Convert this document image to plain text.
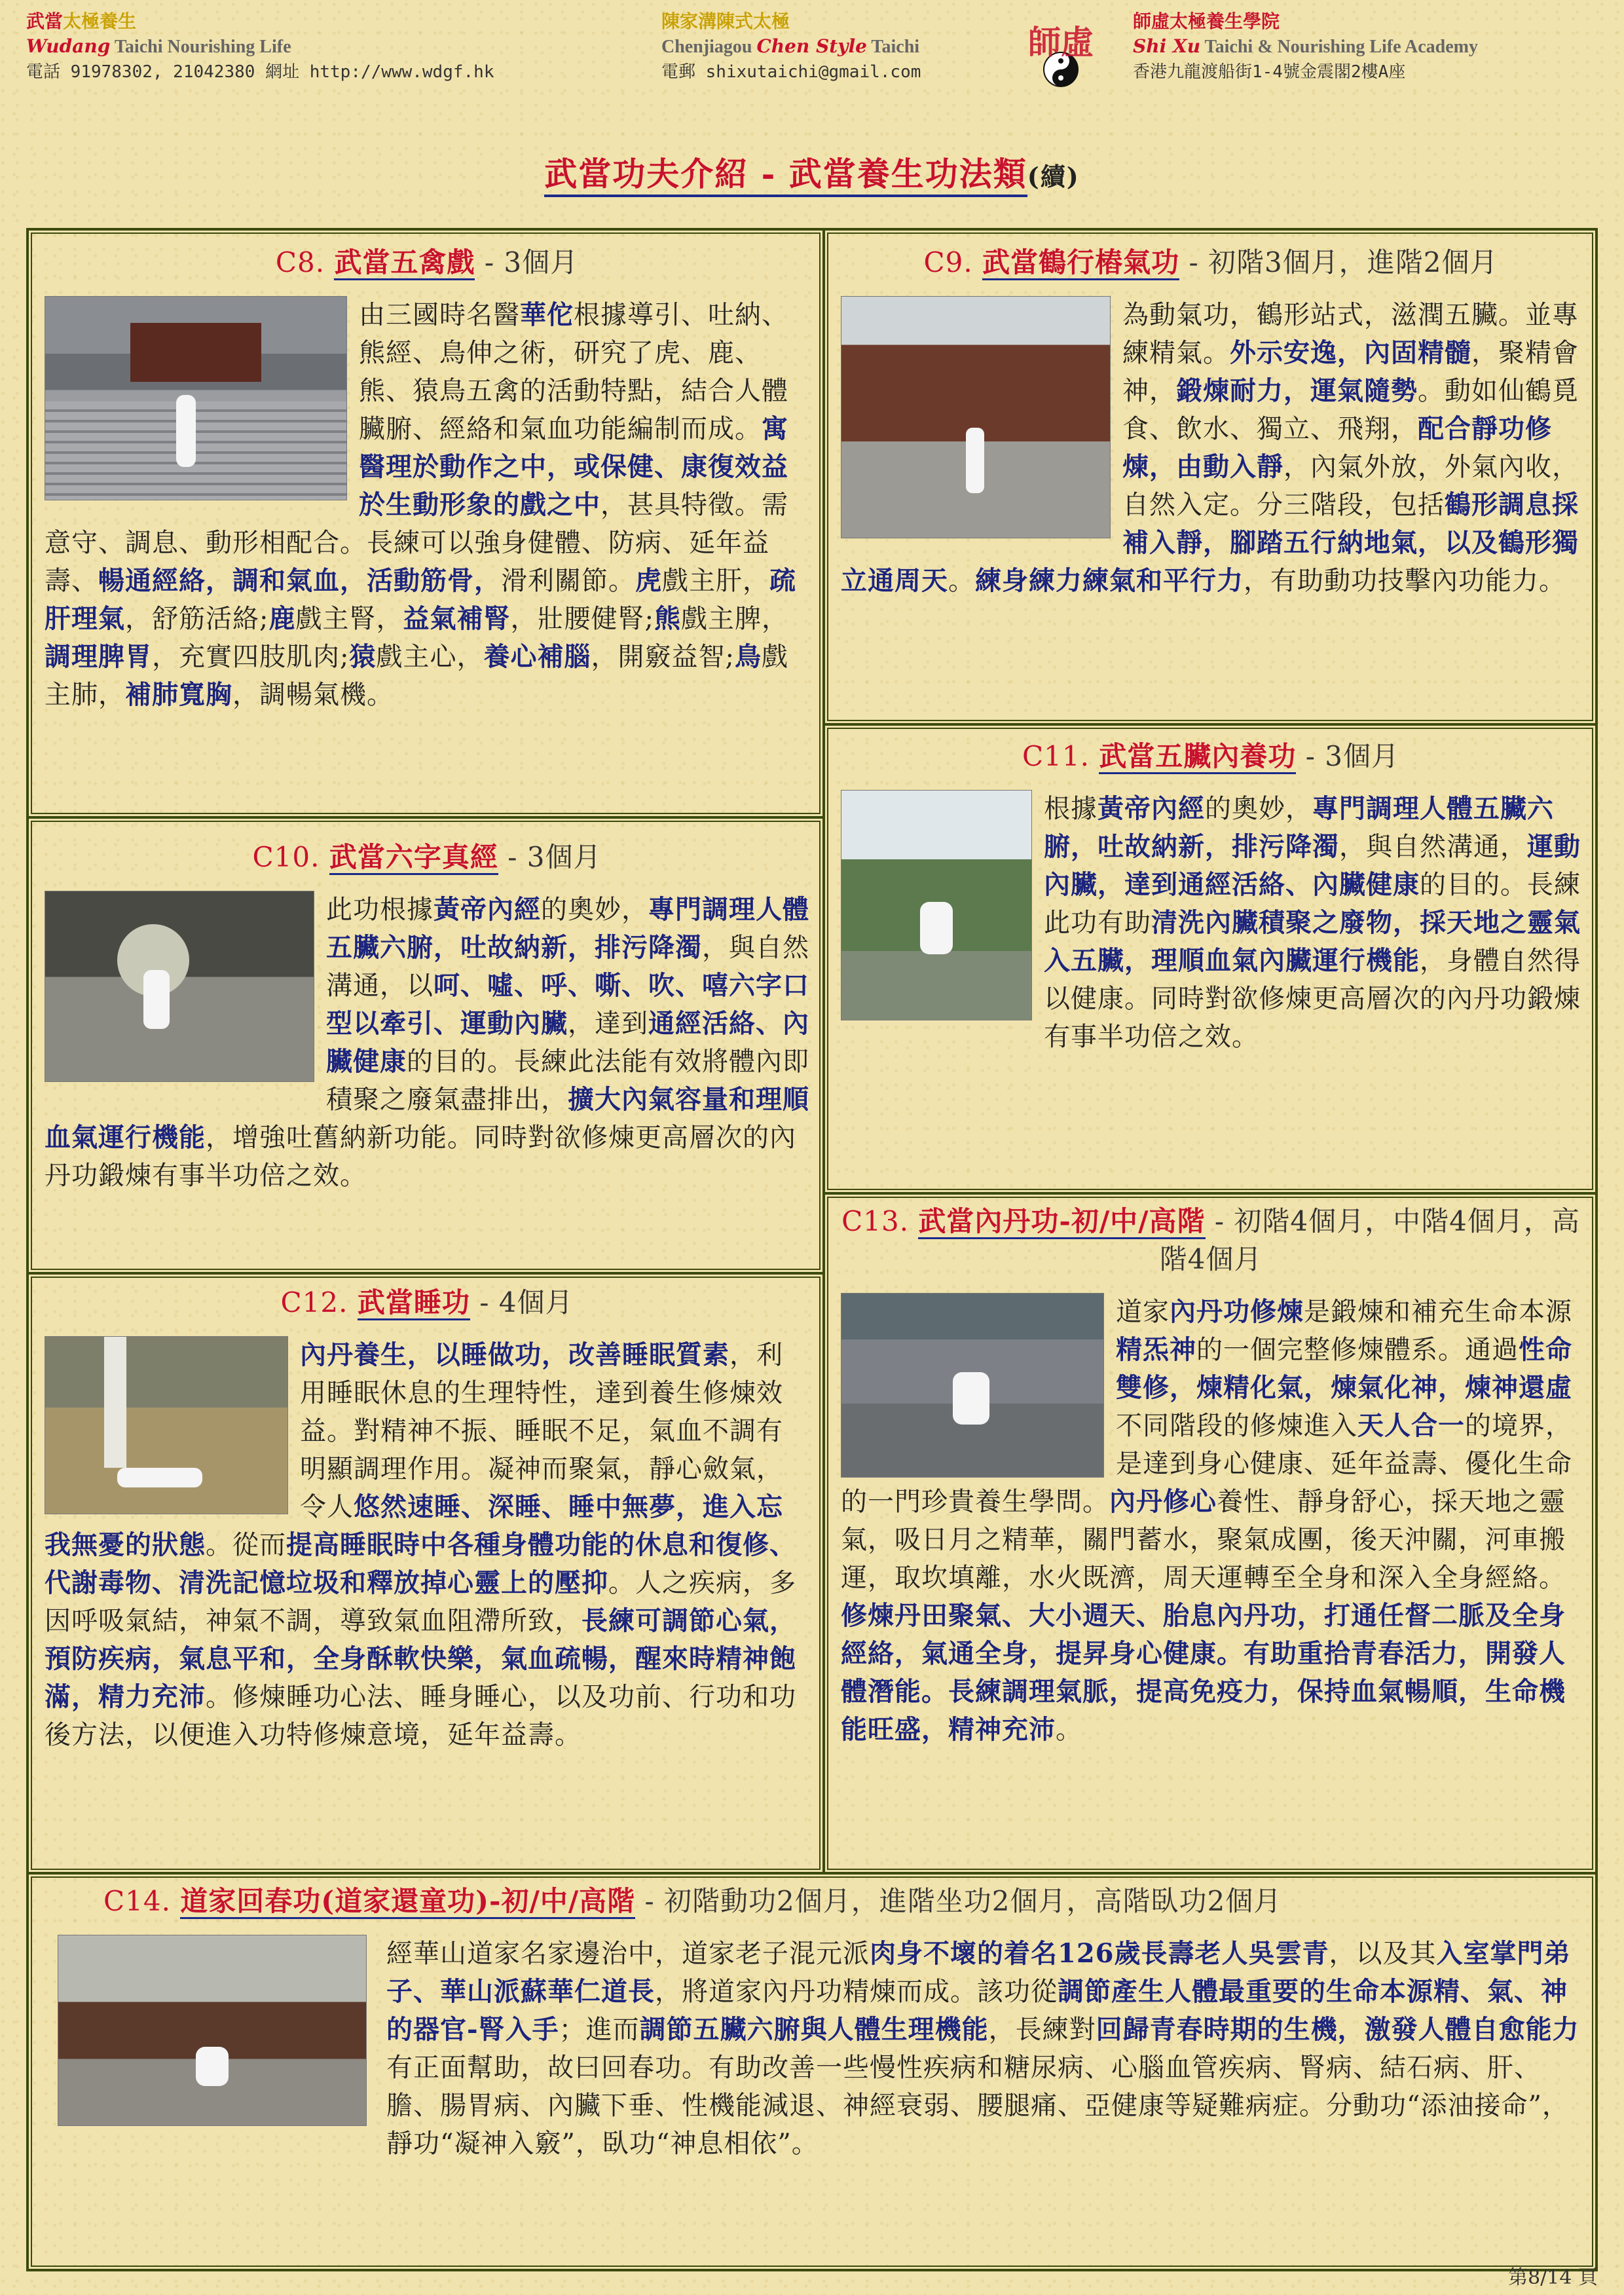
武當太極養生
Wudang Taichi Nourishing Life
電話 91978302, 21042380 網址 http://www.wdgf.hk
陳家溝陳式太極
Chenjiagou Chen Style Taichi
電郵 shixutaichi@gmail.com
師虛
師虛太極養生學院
Shi Xu Taichi & Nourishing Life Academy
香港九龍渡船街1-4號金震閣2樓A座
武當功夫介紹 - 武當養生功法類(續)
C8. 武當五禽戲 - 3個月
由三國時名醫華佗根據導引、吐納、熊經、鳥伸之術，研究了虎、鹿、熊、猿鳥五禽的活動特點，結合人體臟腑、經絡和氣血功能編制而成。寓醫理於動作之中，或保健、康復效益於生動形象的戲之中，甚具特徵。需意守、調息、動形相配合。長練可以強身健體、防病、延年益壽、暢通經絡，調和氣血，活動筋骨，滑利關節。虎戲主肝，疏肝理氣，舒筋活絡;鹿戲主腎，益氣補腎，壯腰健腎;熊戲主脾，調理脾胃，充實四肢肌肉;猿戲主心，養心補腦，開竅益智;鳥戲主肺，補肺寬胸，調暢氣機。
C9. 武當鶴行樁氣功 - 初階3個月，進階2個月
為動氣功，鶴形站式，滋潤五臟。並專練精氣。外示安逸，內固精髓，聚精會神，鍛煉耐力，運氣隨勢。動如仙鶴覓食、飲水、獨立、飛翔，配合靜功修煉，由動入靜，內氣外放，外氣內收，自然入定。分三階段，包括鶴形調息採補入靜，腳踏五行納地氣，以及鶴形獨立通周天。練身練力練氣和平行力，有助動功技擊內功能力。
C10. 武當六字真經 - 3個月
此功根據黃帝內經的奧妙，專門調理人體五臟六腑，吐故納新，排污降濁，與自然溝通，以呵、噓、呼、嘶、吹、嘻六字口型以牽引、運動內臟，達到通經活絡、內臟健康的目的。長練此法能有效將體內即積聚之廢氣盡排出，擴大內氣容量和理順血氣運行機能，增強吐舊納新功能。同時對欲修煉更高層次的內丹功鍛煉有事半功倍之效。
C11. 武當五臟內養功 - 3個月
根據黃帝內經的奧妙，專門調理人體五臟六腑，吐故納新，排污降濁，與自然溝通，運動內臟，達到通經活絡、內臟健康的目的。長練此功有助清洗內臟積聚之廢物，採天地之靈氣入五臟，理順血氣內臟運行機能，身體自然得以健康。同時對欲修煉更高層次的內丹功鍛煉有事半功倍之效。
C12. 武當睡功 - 4個月
內丹養生，以睡做功，改善睡眠質素，利用睡眠休息的生理特性，達到養生修煉效益。對精神不振、睡眠不足，氣血不調有明顯調理作用。凝神而聚氣，靜心斂氣，令人悠然速睡、深睡、睡中無夢，進入忘我無憂的狀態。從而提高睡眠時中各種身體功能的休息和復修、代謝毒物、清洗記憶垃圾和釋放掉心靈上的壓抑。人之疾病，多因呼吸氣結，神氣不調，導致氣血阻滯所致，長練可調節心氣，預防疾病，氣息平和，全身酥軟快樂，氣血疏暢，醒來時精神飽滿，精力充沛。修煉睡功心法、睡身睡心，以及功前、行功和功後方法，以便進入功特修煉意境，延年益壽。
C13. 武當內丹功-初/中/高階 - 初階4個月，中階4個月，高階4個月
道家內丹功修煉是鍛煉和補充生命本源精炁神的一個完整修煉體系。通過性命雙修，煉精化氣，煉氣化神，煉神還虛不同階段的修煉進入天人合一的境界，是達到身心健康、延年益壽、優化生命的一門珍貴養生學問。內丹修心養性、靜身舒心，採天地之靈氣，吸日月之精華，關門蓄水，聚氣成團，後天沖關，河車搬運，取坎填離，水火既濟，周天運轉至全身和深入全身經絡。修煉丹田聚氣、大小週天、胎息內丹功，打通任督二脈及全身經絡，氣通全身，提昇身心健康。有助重拾青春活力，開發人體潛能。長練調理氣脈，提高免疫力，保持血氣暢順，生命機能旺盛，精神充沛。
C14. 道家回春功(道家還童功)-初/中/高階 - 初階動功2個月，進階坐功2個月，高階臥功2個月
經華山道家名家邊治中，道家老子混元派肉身不壞的着名126歲長壽老人吳雲青，以及其入室掌門弟子、華山派蘇華仁道長，將道家內丹功精煉而成。該功從調節產生人體最重要的生命本源精、氣、神的器官-腎入手；進而調節五臟六腑與人體生理機能，長練對回歸青春時期的生機，激發人體自愈能力有正面幫助，故曰回春功。有助改善一些慢性疾病和糖尿病、心腦血管疾病、腎病、結石病、肝、膽、腸胃病、內臟下垂、性機能減退、神經衰弱、腰腿痛、亞健康等疑難病症。分動功“添油接命”，靜功“凝神入竅”，臥功“神息相依”。
第8/14 頁
